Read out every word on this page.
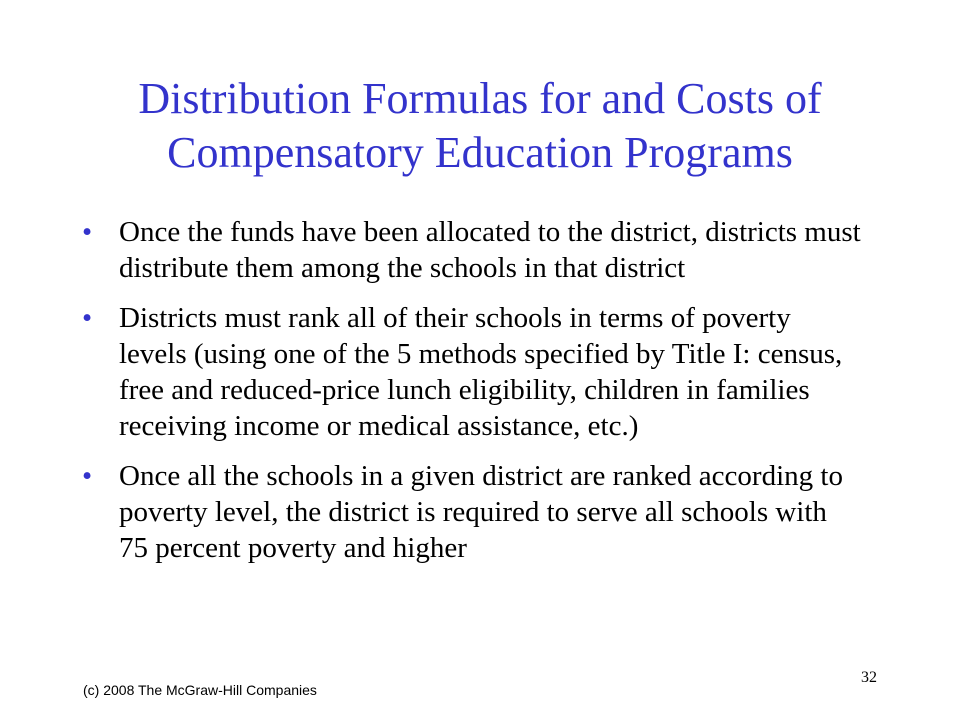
Distribution Formulas for and Costs of
Compensatory Education Programs
• Once the funds have been allocated to the district, districts must distribute them among the schools in that district
• Districts must rank all of their schools in terms of poverty levels (using one of the 5 methods specified by Title I: census, free and reduced-price lunch eligibility, children in families receiving income or medical assistance, etc.)
• Once all the schools in a given district are ranked according to poverty level, the district is required to serve all schools with 75 percent poverty and higher
(c) 2008 The McGraw-Hill Companies
32
